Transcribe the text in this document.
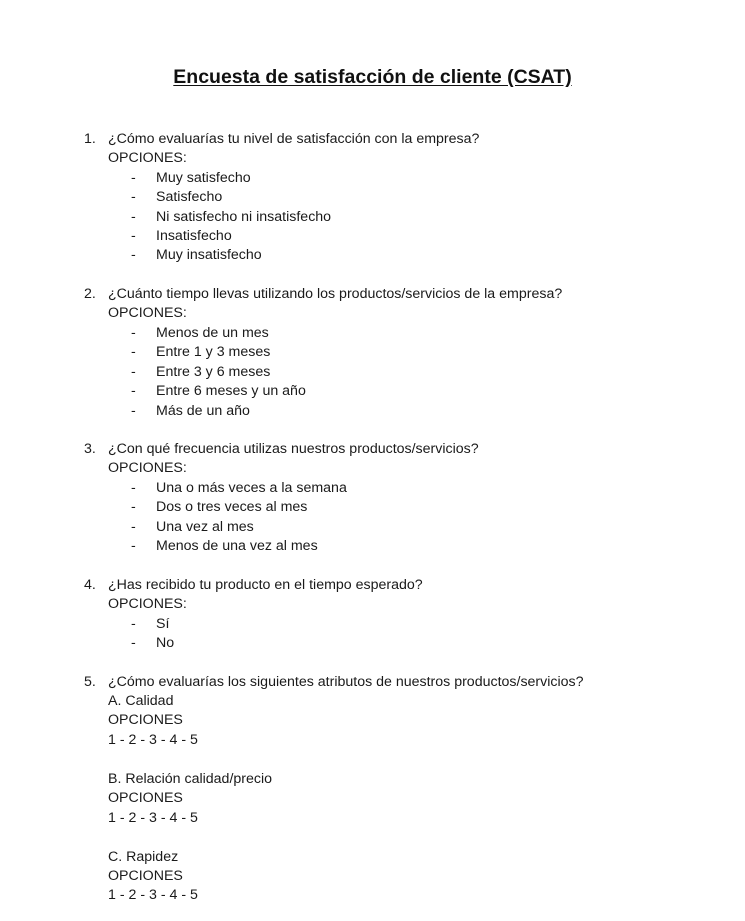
Encuesta de satisfacción de cliente (CSAT)
1. ¿Cómo evaluarías tu nivel de satisfacción con la empresa?
OPCIONES:
- Muy satisfecho
- Satisfecho
- Ni satisfecho ni insatisfecho
- Insatisfecho
- Muy insatisfecho
2. ¿Cuánto tiempo llevas utilizando los productos/servicios de la empresa?
OPCIONES:
- Menos de un mes
- Entre 1 y 3 meses
- Entre 3 y 6 meses
- Entre 6 meses y un año
- Más de un año
3. ¿Con qué frecuencia utilizas nuestros productos/servicios?
OPCIONES:
- Una o más veces a la semana
- Dos o tres veces al mes
- Una vez al mes
- Menos de una vez al mes
4. ¿Has recibido tu producto en el tiempo esperado?
OPCIONES:
- Sí
- No
5. ¿Cómo evaluarías los siguientes atributos de nuestros productos/servicios?
A. Calidad
OPCIONES
1 - 2 - 3 - 4 - 5
B. Relación calidad/precio
OPCIONES
1 - 2 - 3 - 4 - 5
C. Rapidez
OPCIONES
1 - 2 - 3 - 4 - 5
